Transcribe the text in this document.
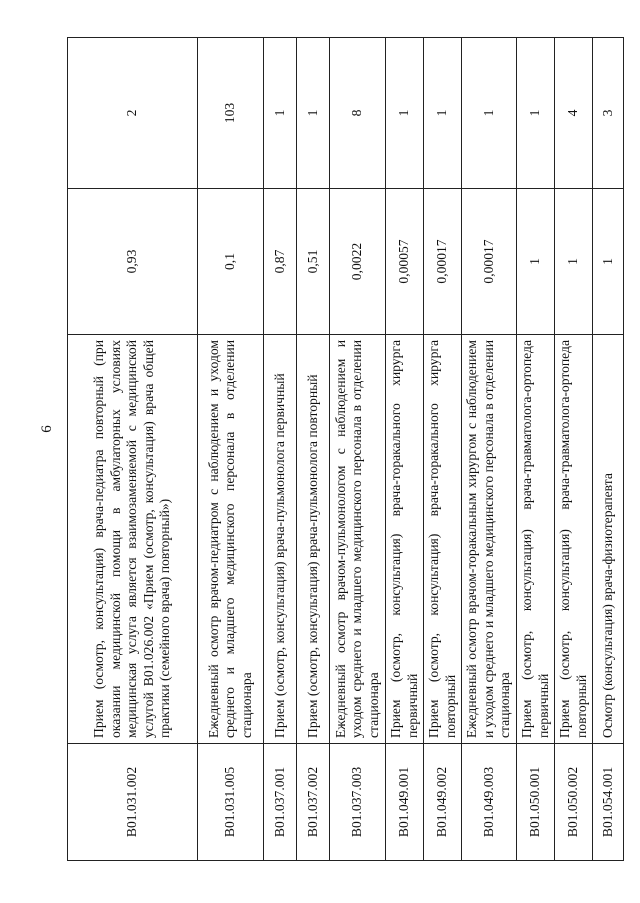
6
B01.031.002	Прием (осмотр, консультация) врача-педиатра повторный (при оказании медицинской помощи в амбулаторных условиях медицинская услуга является взаимозаменяемой с медицинской услугой B01.026.002 «Прием (осмотр, консультация) врача общей практики (семейного врача) повторный»)	0,93	2
B01.031.005	Ежедневный осмотр врачом-педиатром с наблюдением и уходом среднего и младшего медицинского персонала в отделении стационара	0,1	103
B01.037.001	Прием (осмотр, консультация) врача-пульмонолога первичный	0,87	1
B01.037.002	Прием (осмотр, консультация) врача-пульмонолога повторный	0,51	1
B01.037.003	Ежедневный осмотр врачом-пульмонологом с наблюдением и уходом среднего и младшего медицинского персонала в отделении стационара	0,0022	8
B01.049.001	Прием (осмотр, консультация) врача-торакального хирурга первичный	0,00057	1
B01.049.002	Прием (осмотр, консультация) врача-торакального хирурга повторный	0,00017	1
B01.049.003	Ежедневный осмотр врачом-торакальным хирургом с наблюдением и уходом среднего и младшего медицинского персонала в отделении стационара	0,00017	1
B01.050.001	Прием (осмотр, консультация) врача-травматолога-ортопеда первичный	1	1
B01.050.002	Прием (осмотр, консультация) врача-травматолога-ортопеда повторный	1	4
B01.054.001	Осмотр (консультация) врача-физиотерапевта	1	3
